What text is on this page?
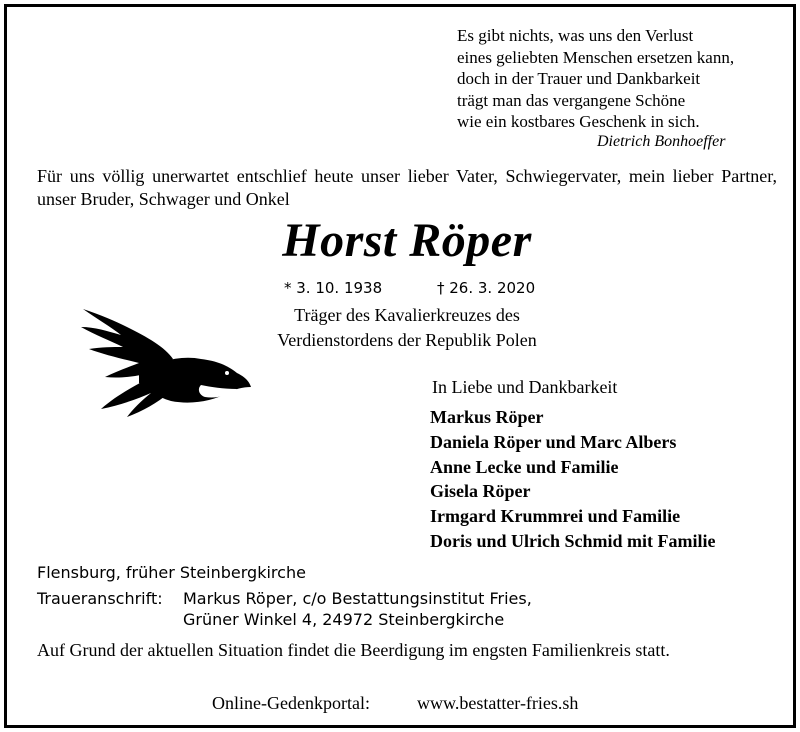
Es gibt nichts, was uns den Verlust
eines geliebten Menschen ersetzen kann,
doch in der Trauer und Dankbarkeit
trägt man das vergangene Schöne
wie ein kostbares Geschenk in sich.
Dietrich Bonhoeffer
Für uns völlig unerwartet entschlief heute unser lieber Vater, Schwiegervater, mein lieber Partner, unser Bruder, Schwager und Onkel
Horst Röper
* 3. 10. 1938	† 26. 3. 2020
Träger des Kavalierkreuzes des
Verdienstordens der Republik Polen
In Liebe und Dankbarkeit
Markus Röper
Daniela Röper und Marc Albers
Anne Lecke und Familie
Gisela Röper
Irmgard Krummrei und Familie
Doris und Ulrich Schmid mit Familie
Flensburg, früher Steinbergkirche
Traueranschrift: Markus Röper, c/o Bestattungsinstitut Fries,
Grüner Winkel 4, 24972 Steinbergkirche
Auf Grund der aktuellen Situation findet die Beerdigung im engsten Familienkreis statt.
Online-Gedenkportal:	www.bestatter-fries.sh
